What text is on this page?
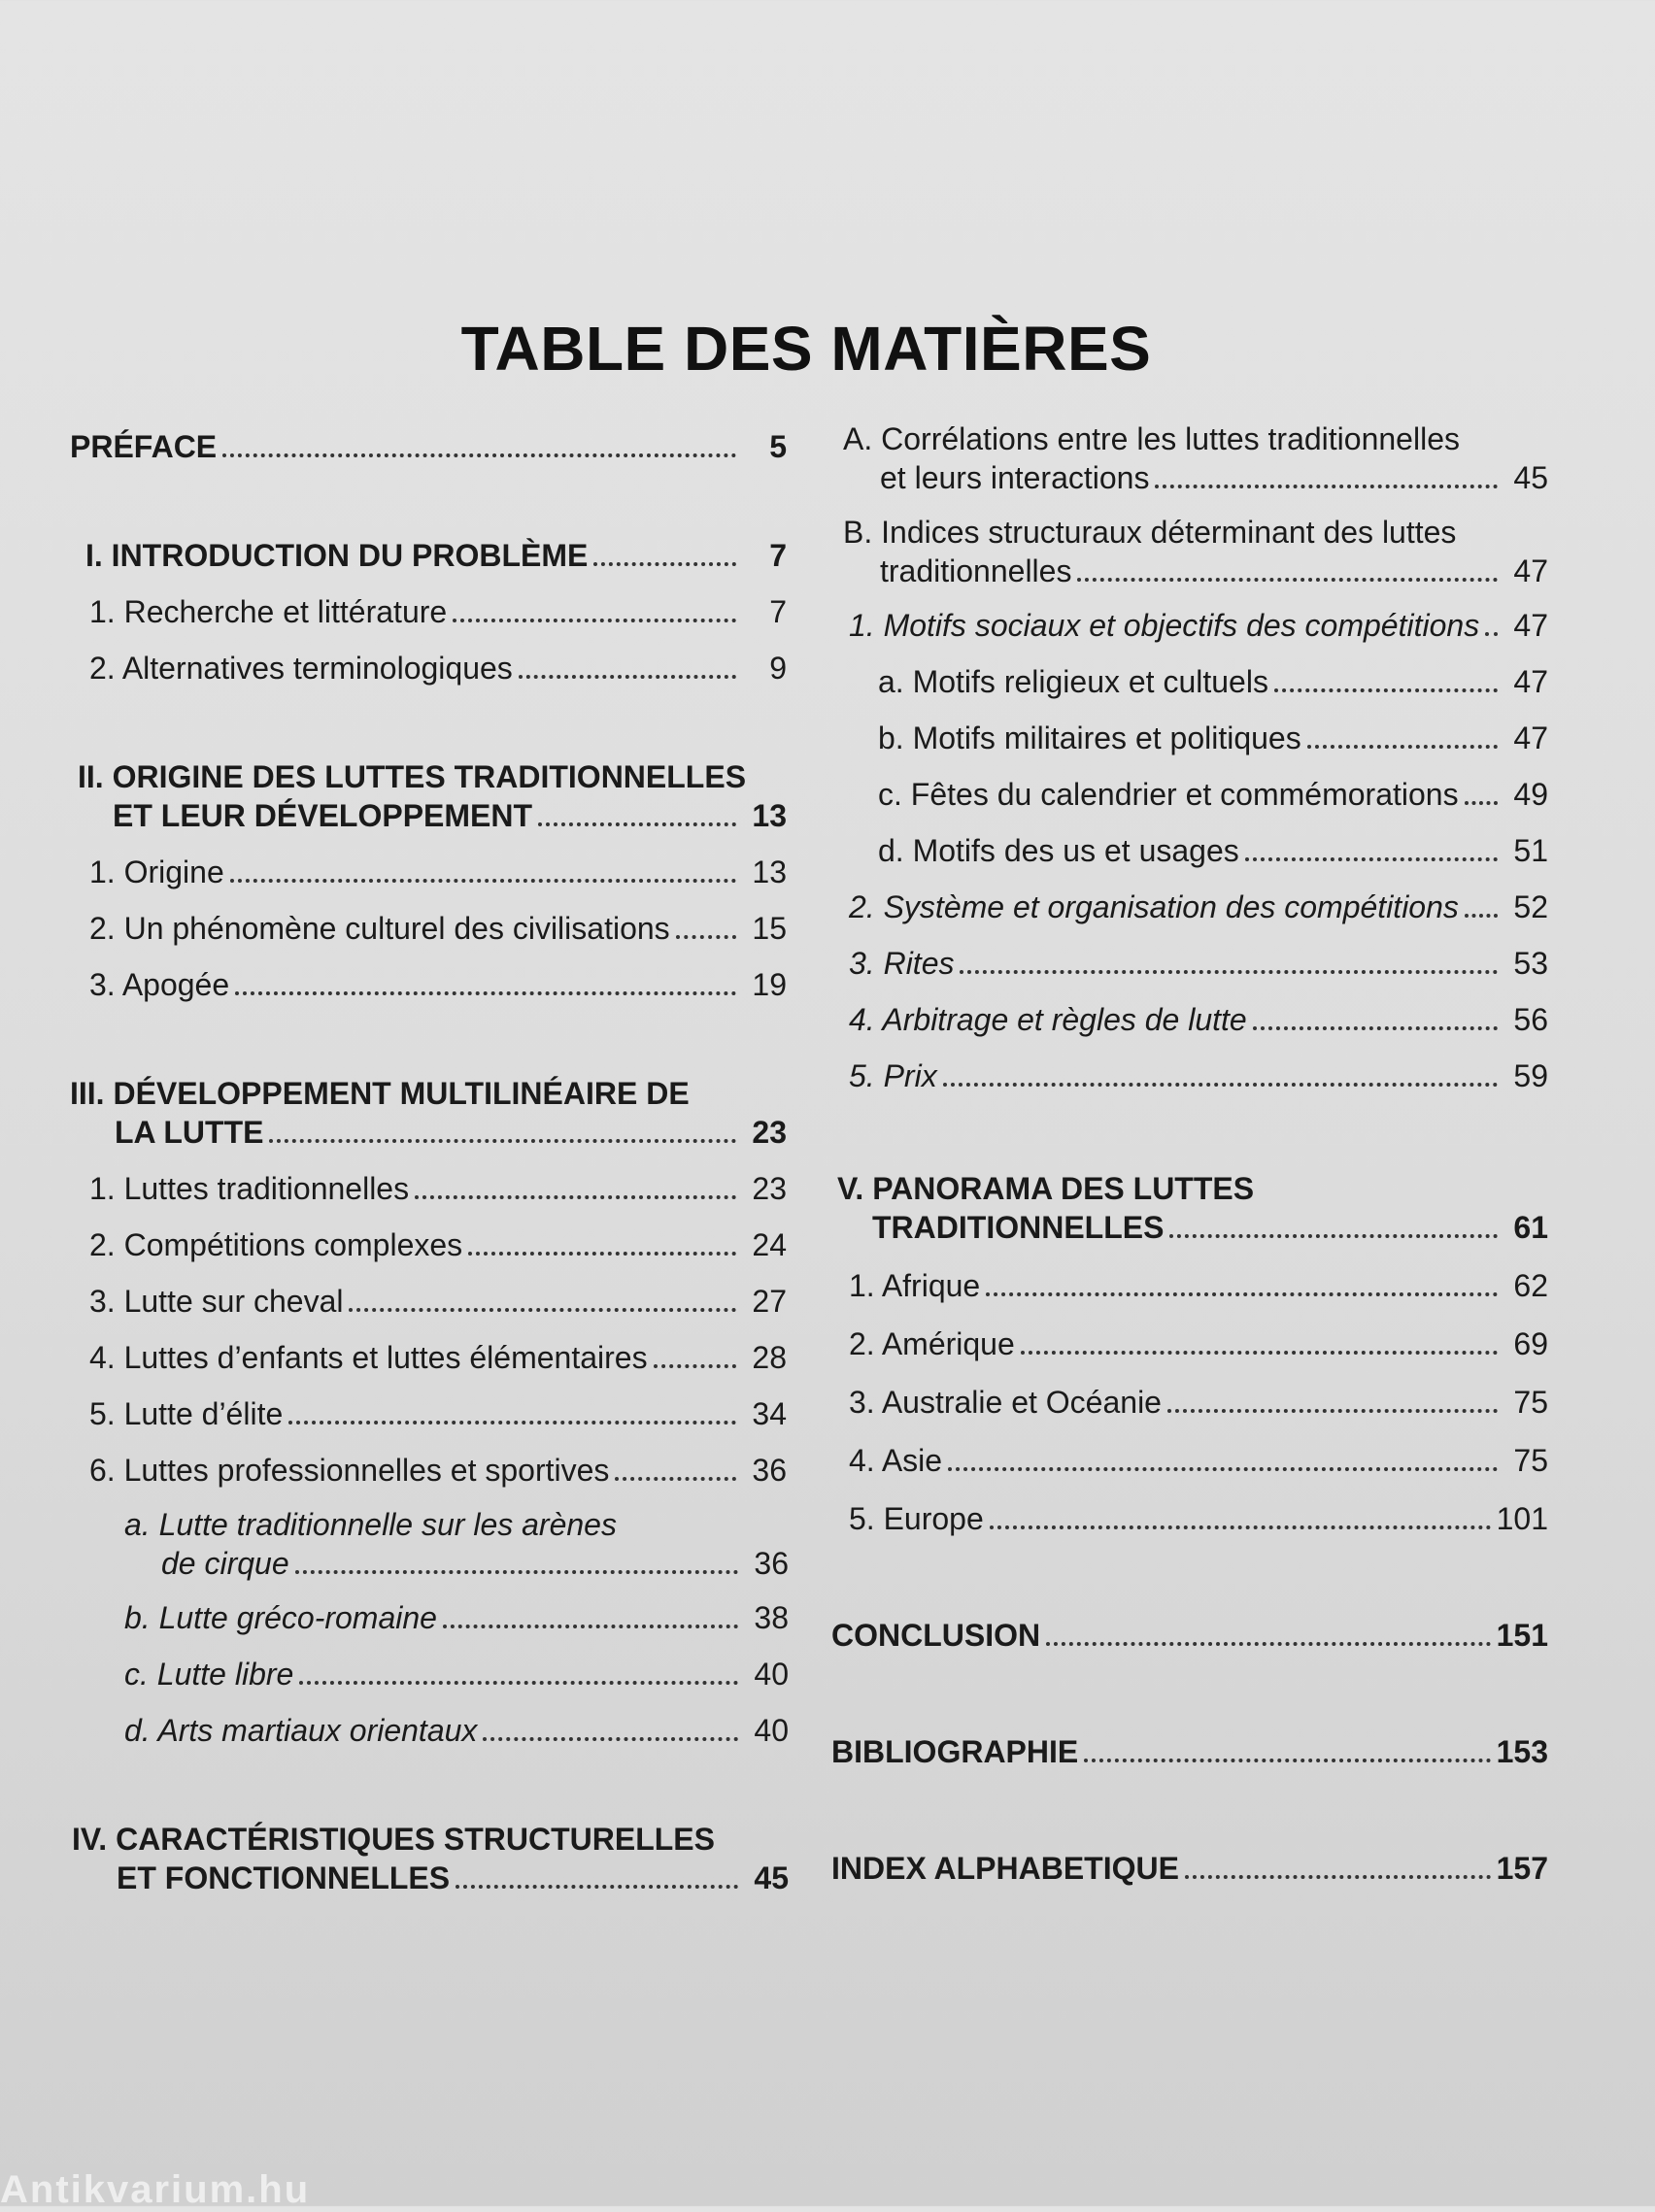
TABLE DES MATIÈRES
PRÉFACE	5
I. INTRODUCTION DU PROBLÈME	7
1. Recherche et littérature	7
2. Alternatives terminologiques	9
II. ORIGINE DES LUTTES TRADITIONNELLES
ET LEUR DÉVELOPPEMENT	13
1. Origine	13
2. Un phénomène culturel des civilisations	15
3. Apogée	19
III. DÉVELOPPEMENT MULTILINÉAIRE DE
LA LUTTE	23
1. Luttes traditionnelles	23
2. Compétitions complexes	24
3. Lutte sur cheval	27
4. Luttes d’enfants et luttes élémentaires	28
5. Lutte d’élite	34
6. Luttes professionnelles et sportives	36
a. Lutte traditionnelle sur les arènes
de cirque	36
b. Lutte gréco-romaine	38
c. Lutte libre	40
d. Arts martiaux orientaux	40
IV. CARACTÉRISTIQUES STRUCTURELLES
ET FONCTIONNELLES	45
A. Corrélations entre les luttes traditionnelles
et leurs interactions	45
B. Indices structuraux déterminant des luttes
traditionnelles	47
1. Motifs sociaux et objectifs des compétitions	47
a. Motifs religieux et cultuels	47
b. Motifs militaires et politiques	47
c. Fêtes du calendrier et commémorations	49
d. Motifs des us et usages	51
2. Système et organisation des compétitions	52
3. Rites	53
4. Arbitrage et règles de lutte	56
5. Prix	59
V. PANORAMA DES LUTTES
TRADITIONNELLES	61
1. Afrique	62
2. Amérique	69
3. Australie et Océanie	75
4. Asie	75
5. Europe	101
CONCLUSION	151
BIBLIOGRAPHIE	153
INDEX ALPHABETIQUE	157
Antikvarium.hu
